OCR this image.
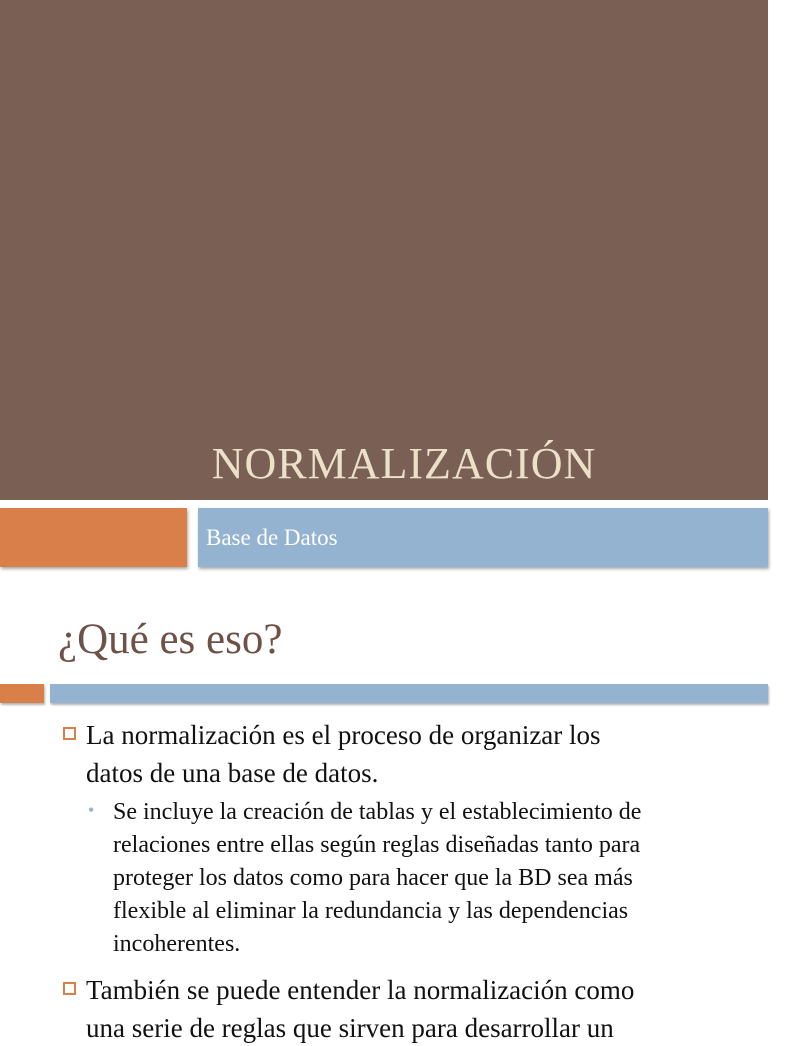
NORMALIZACIÓN
Base de Datos
¿Qué es eso?
La normalización es el proceso de organizar los
datos de una base de datos.
• Se incluye la creación de tablas y el establecimiento de
relaciones entre ellas según reglas diseñadas tanto para
proteger los datos como para hacer que la BD sea más
flexible al eliminar la redundancia y las dependencias
incoherentes.
También se puede entender la normalización como
una serie de reglas que sirven para desarrollar un
